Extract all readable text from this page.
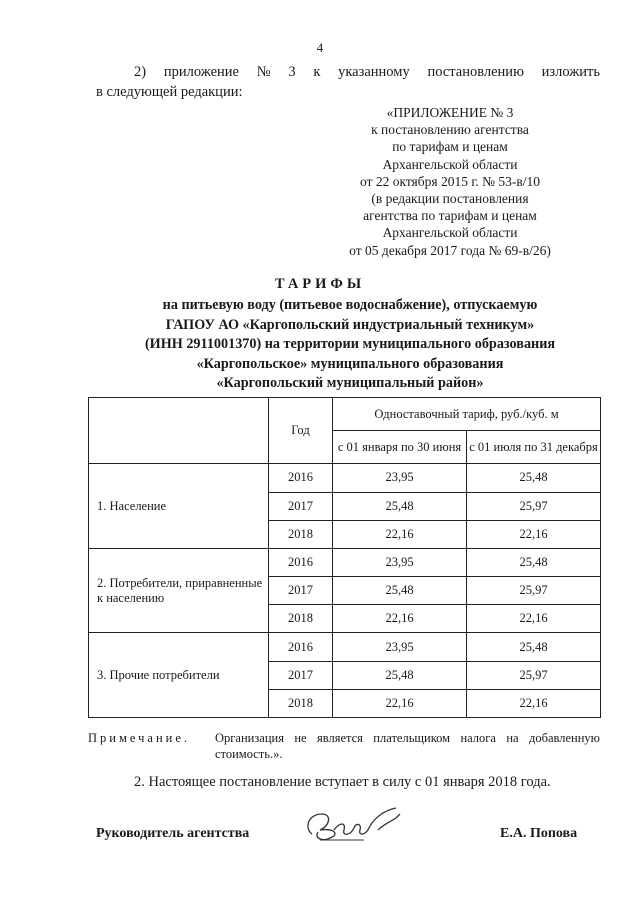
4
2) приложение № 3 к указанному постановлению изложить
в следующей редакции:
«ПРИЛОЖЕНИЕ № 3
к постановлению агентства
по тарифам и ценам
Архангельской области
от 22 октября 2015 г. № 53-в/10
(в редакции постановления
агентства по тарифам и ценам
Архангельской области
от 05 декабря 2017 года № 69-в/26)
ТАРИФЫ
на питьевую воду (питьевое водоснабжение), отпускаемую
ГАПОУ АО «Каргопольский индустриальный техникум»
(ИНН 2911001370) на территории муниципального образования
«Каргопольское» муниципального образования
«Каргопольский муниципальный район»
	Год	Одноставочный тариф, руб./куб. м	
		с 01 января по 30 июня	с 01 июля по 31 декабря
1. Население	2016	23,95	25,48
	2017	25,48	25,97
	2018	22,16	22,16
2. Потребители, приравненные к населению	2016	23,95	25,48
	2017	25,48	25,97
	2018	22,16	22,16
3. Прочие потребители	2016	23,95	25,48
	2017	25,48	25,97
	2018	22,16	22,16
Примечание. Организация не является плательщиком налога на добавленную стоимость.».
2. Настоящее постановление вступает в силу с 01 января 2018 года.
Руководитель агентства	Е.А. Попова
